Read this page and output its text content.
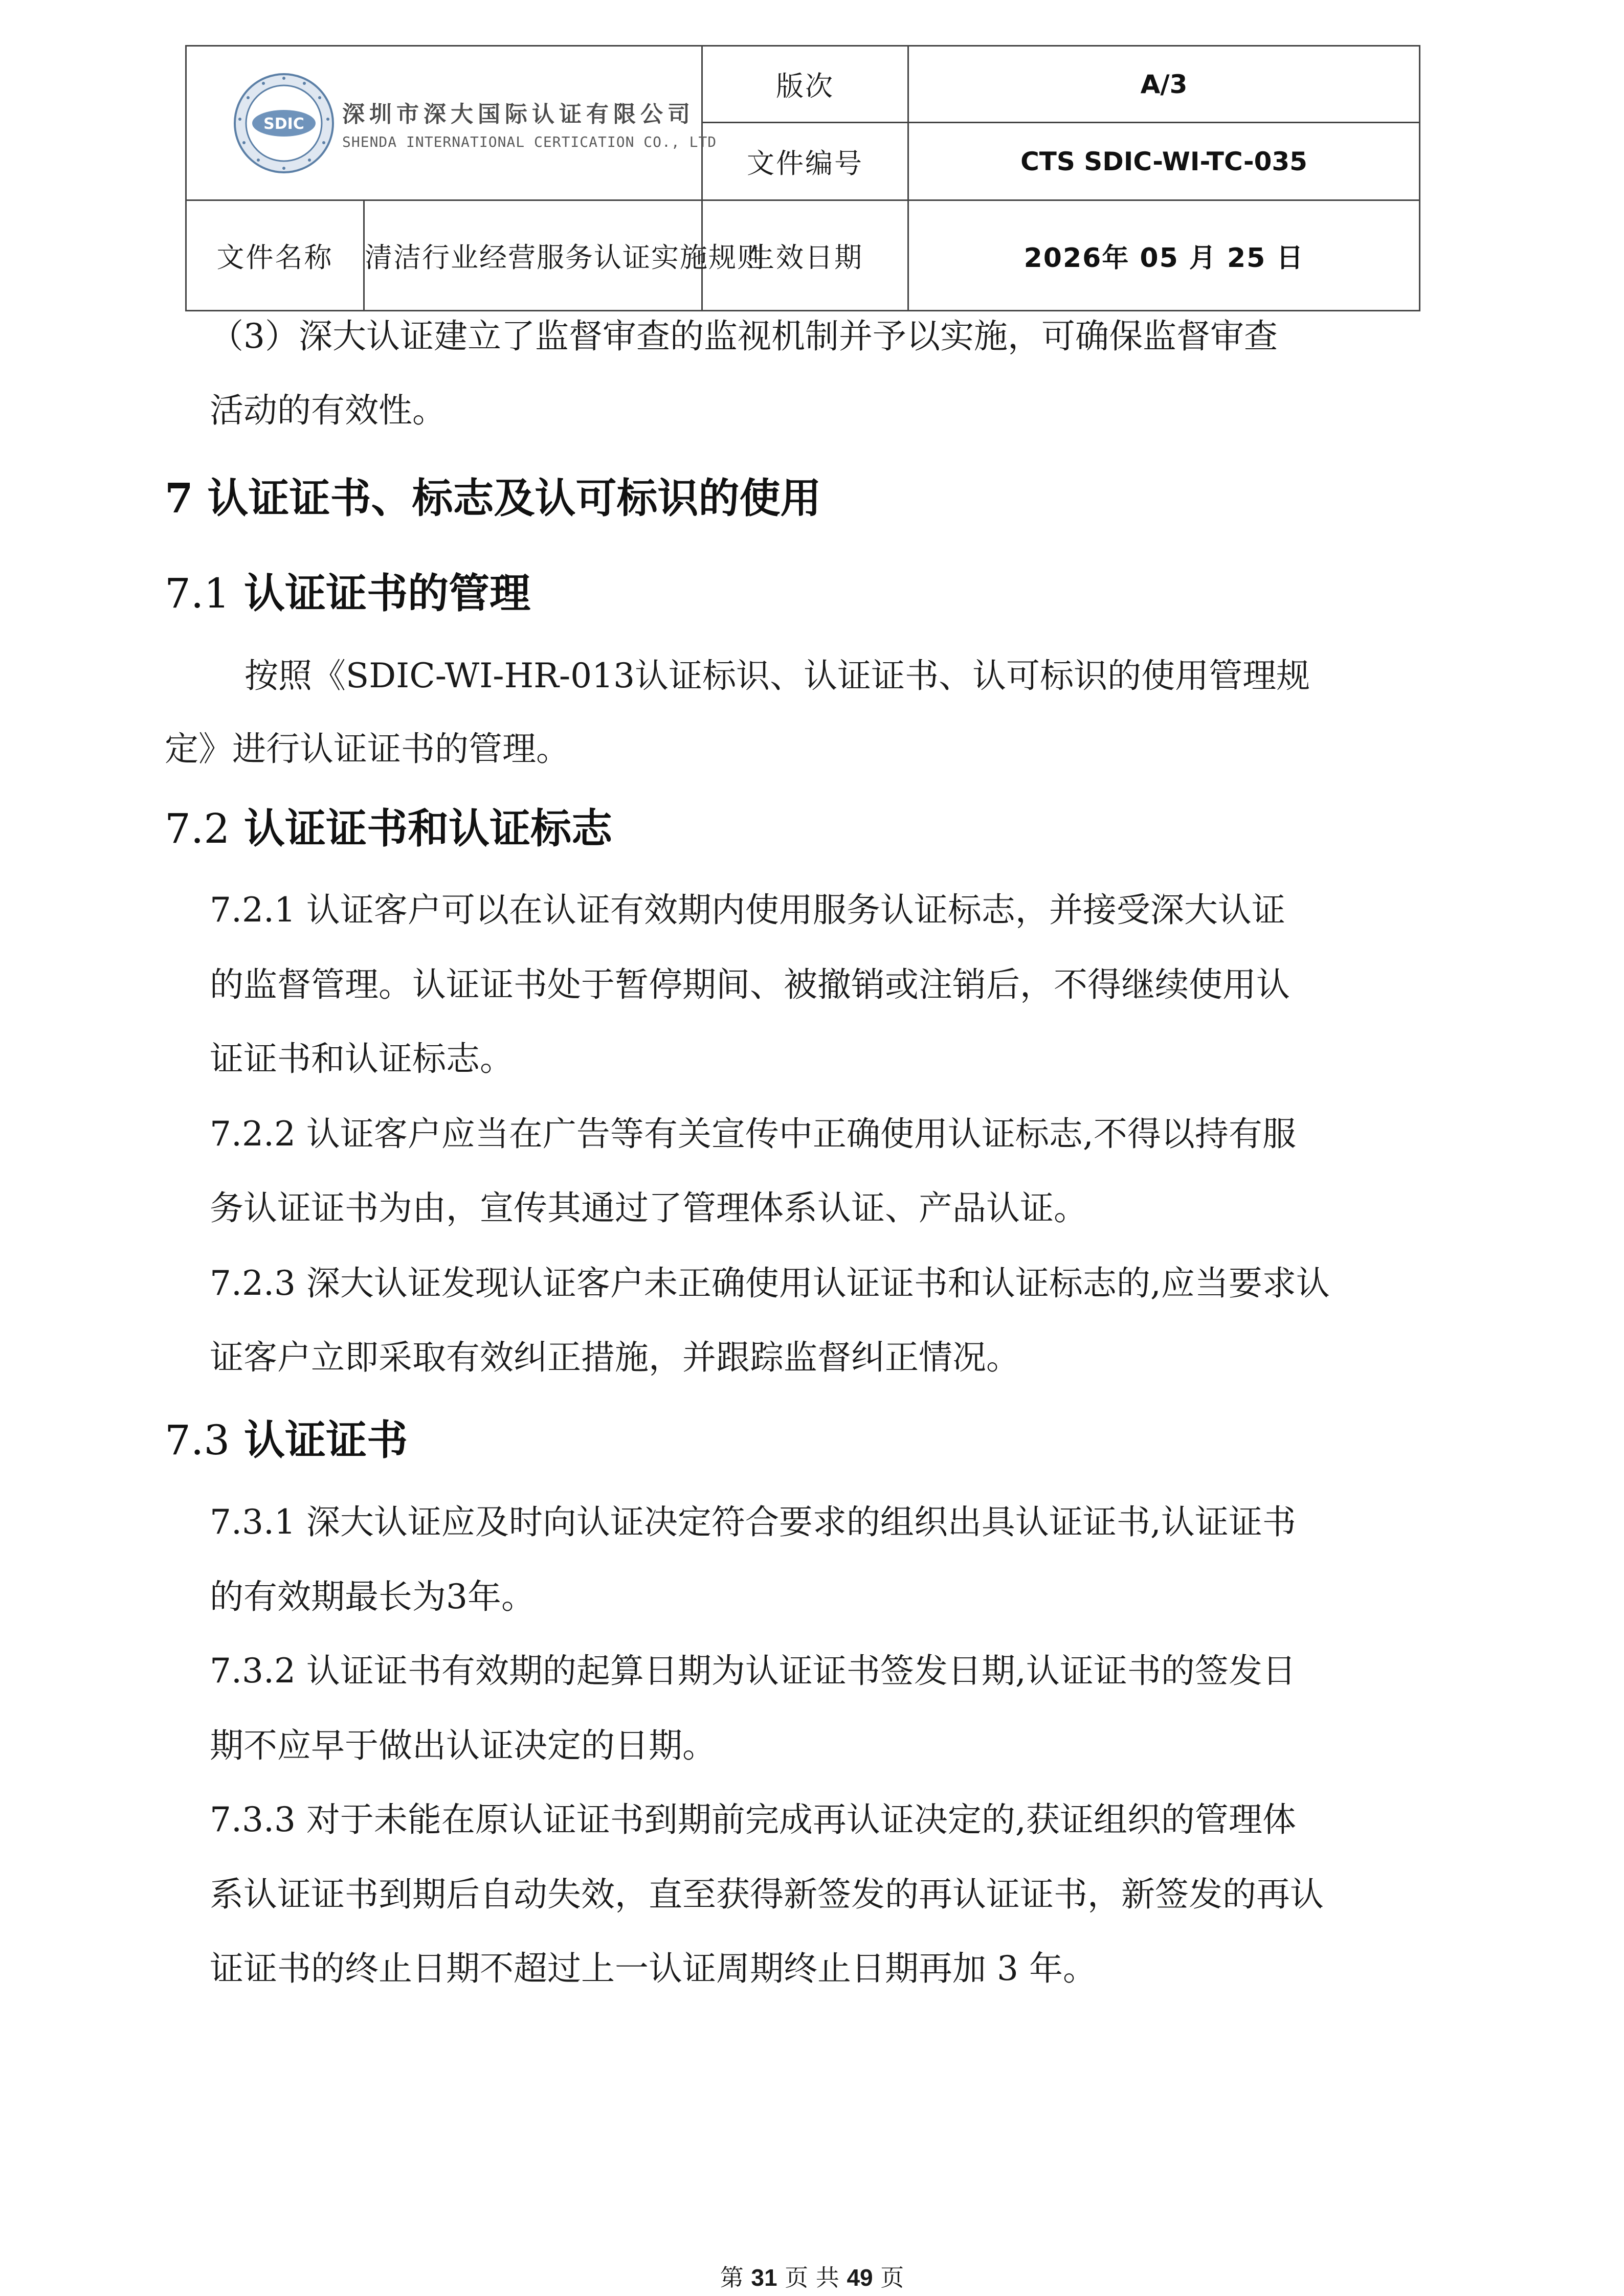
SDIC 深圳市深大国际认证有限公司
SHENDA INTERNATIONAL CERTICATION CO., LTD		版次	A/3
		文件编号	CTS SDIC-WI-TC-035
文件名称	清洁行业经营服务认证实施规则	生效日期	2026年 05 月 25 日
（3）深大认证建立了监督审查的监视机制并予以实施，可确保监督审查
活动的有效性。
7 认证证书、标志及认可标识的使用
7.1 认证证书的管理
按照《SDIC-WI-HR-013认证标识、认证证书、认可标识的使用管理规
定》进行认证证书的管理。
7.2 认证证书和认证标志
7.2.1 认证客户可以在认证有效期内使用服务认证标志，并接受深大认证
的监督管理。认证证书处于暂停期间、被撤销或注销后，不得继续使用认
证证书和认证标志。
7.2.2 认证客户应当在广告等有关宣传中正确使用认证标志,不得以持有服
务认证证书为由，宣传其通过了管理体系认证、产品认证。
7.2.3 深大认证发现认证客户未正确使用认证证书和认证标志的,应当要求认
证客户立即采取有效纠正措施，并跟踪监督纠正情况。
7.3 认证证书
7.3.1 深大认证应及时向认证决定符合要求的组织出具认证证书,认证证书
的有效期最长为3年。
7.3.2 认证证书有效期的起算日期为认证证书签发日期,认证证书的签发日
期不应早于做出认证决定的日期。
7.3.3 对于未能在原认证证书到期前完成再认证决定的,获证组织的管理体
系认证证书到期后自动失效，直至获得新签发的再认证证书，新签发的再认
证证书的终止日期不超过上一认证周期终止日期再加 3 年。
第 31 页 共 49 页
